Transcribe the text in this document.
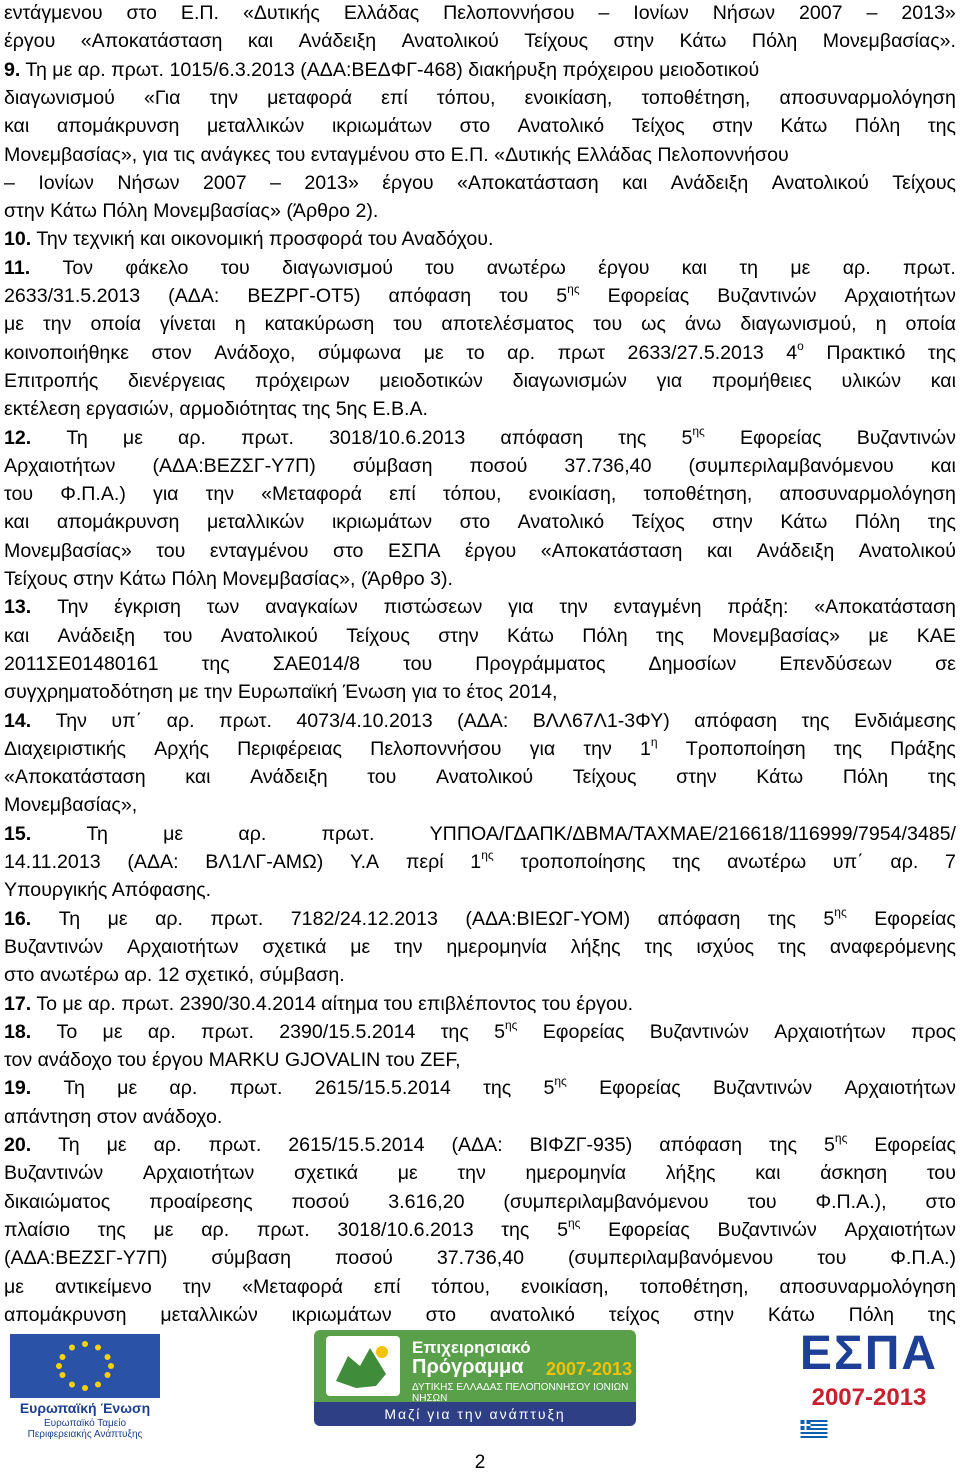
εντάγμενου στο Ε.Π. «Δυτικής Ελλάδας Πελοποννήσου – Ιονίων Νήσων 2007 – 2013»
έργου «Αποκατάσταση και Ανάδειξη Ανατολικού Τείχους στην Κάτω Πόλη Μονεμβασίας».
9. Τη με αρ. πρωτ. 1015/6.3.2013 (ΑΔΑ:ΒΕΔΦΓ-468) διακήρυξη πρόχειρου μειοδοτικού
διαγωνισμού «Για την μεταφορά επί τόπου, ενοικίαση, τοποθέτηση, αποσυναρμολόγηση
και απομάκρυνση μεταλλικών ικριωμάτων στο Ανατολικό Τείχος στην Κάτω Πόλη της
Μονεμβασίας», για τις ανάγκες του ενταγμένου στο Ε.Π. «Δυτικής Ελλάδας Πελοποννήσου
– Ιονίων Νήσων 2007 – 2013» έργου «Αποκατάσταση και Ανάδειξη Ανατολικού Τείχους
στην Κάτω Πόλη Μονεμβασίας» (Άρθρο 2).
10. Την τεχνική και οικονομική προσφορά του Αναδόχου.
11. Τον φάκελο του διαγωνισμού του ανωτέρω έργου και τη με αρ. πρωτ.
2633/31.5.2013 (ΑΔΑ: ΒΕΖΡΓ-ΟΤ5) απόφαση του $5^{\eta\varsigma}$ Εφορείας Βυζαντινών Αρχαιοτήτων
με την οποία γίνεται η κατακύρωση του αποτελέσματος του ως άνω διαγωνισμού, η οποία
κοινοποιήθηκε στον Ανάδοχο, σύμφωνα με το αρ. πρωτ 2633/27.5.2013 $4^o$ Πρακτικό της
Επιτροπής διενέργειας πρόχειρων μειοδοτικών διαγωνισμών για προμήθειες υλικών και
εκτέλεση εργασιών, αρμοδιότητας της 5ης Ε.Β.Α.
12. Τη με αρ. πρωτ. 3018/10.6.2013 απόφαση της $5^{\eta\varsigma}$ Εφορείας Βυζαντινών
Αρχαιοτήτων (ΑΔΑ:ΒΕΖΣΓ-Υ7Π) σύμβαση ποσού 37.736,40 (συμπεριλαμβανόμενου και
του Φ.Π.Α.) για την «Μεταφορά επί τόπου, ενοικίαση, τοποθέτηση, αποσυναρμολόγηση
και απομάκρυνση μεταλλικών ικριωμάτων στο Ανατολικό Τείχος στην Κάτω Πόλη της
Μονεμβασίας» του ενταγμένου στο ΕΣΠΑ έργου «Αποκατάσταση και Ανάδειξη Ανατολικού
Τείχους στην Κάτω Πόλη Μονεμβασίας», (Άρθρο 3).
13. Την έγκριση των αναγκαίων πιστώσεων για την ενταγμένη πράξη: «Αποκατάσταση
και Ανάδειξη του Ανατολικού Τείχους στην Κάτω Πόλη της Μονεμβασίας» με ΚΑΕ
2011ΣΕ01480161 της ΣΑΕ014/8 του Προγράμματος Δημοσίων Επενδύσεων σε
συγχρηματοδότηση με την Ευρωπαϊκή Ένωση για το έτος 2014,
14. Την υπ΄ αρ. πρωτ. 4073/4.10.2013 (ΑΔΑ: ΒΛΛ67Λ1-3ΦΥ) απόφαση της Ενδιάμεσης
Διαχειριστικής Αρχής Περιφέρειας Πελοποννήσου για την $1^\eta$ Τροποποίηση της Πράξης
«Αποκατάσταση και Ανάδειξη του Ανατολικού Τείχους στην Κάτω Πόλη της
Μονεμβασίας»,
15.	Τη	με	αρ.	πρωτ.	ΥΠΠΟΑ/ΓΔΑΠΚ/ΔΒΜΑ/ΤΑΧΜΑΕ/216618/116999/7954/3485/
14.11.2013 (ΑΔΑ: ΒΛ1ΛΓ-ΑΜΩ) Υ.Α περί $1^{\eta\varsigma}$ τροποποίησης της ανωτέρω υπ΄ αρ. 7
Υπουργικής Απόφασης.
16. Τη με αρ. πρωτ. 7182/24.12.2013 (ΑΔΑ:ΒΙΕΩΓ-ΥΟΜ) απόφαση της $5^{\eta\varsigma}$ Εφορείας
Βυζαντινών Αρχαιοτήτων σχετικά με την ημερομηνία λήξης της ισχύος της αναφερόμενης
στο ανωτέρω αρ. 12 σχετικό, σύμβαση.
17. Το με αρ. πρωτ. 2390/30.4.2014 αίτημα του επιβλέποντος του έργου.
18. Το με αρ. πρωτ. 2390/15.5.2014 της $5^{\eta\varsigma}$ Εφορείας Βυζαντινών Αρχαιοτήτων προς
τον ανάδοχο του έργου MARKU GJOVALIN του ZEF,
19. Τη με αρ. πρωτ. 2615/15.5.2014 της $5^{\eta\varsigma}$ Εφορείας Βυζαντινών Αρχαιοτήτων
απάντηση στον ανάδοχο.
20. Τη με αρ. πρωτ. 2615/15.5.2014 (ΑΔΑ: ΒΙΦΖΓ-935) απόφαση της $5^{\eta\varsigma}$ Εφορείας
Βυζαντινών Αρχαιοτήτων σχετικά με την ημερομηνία λήξης και άσκηση του
δικαιώματος προαίρεσης ποσού 3.616,20 (συμπεριλαμβανόμενου του Φ.Π.Α.), στο
πλαίσιο της με αρ. πρωτ. 3018/10.6.2013 της $5^{\eta\varsigma}$ Εφορείας Βυζαντινών Αρχαιοτήτων
(ΑΔΑ:ΒΕΖΣΓ-Υ7Π) σύμβαση ποσού 37.736,40 (συμπεριλαμβανόμενου του Φ.Π.Α.)
με αντικείμενο την «Μεταφορά επί τόπου, ενοικίαση, τοποθέτηση, αποσυναρμολόγηση
απομάκρυνση μεταλλικών ικριωμάτων στο ανατολικό τείχος στην Κάτω Πόλη της
Ευρωπαϊκή Ένωση
Ευρωπαϊκό Ταμείο
Περιφερειακής Ανάπτυξης
Επιχειρησιακό
Πρόγραμμα 2007-2013
ΔΥΤΙΚΗΣ ΕΛΛΑΔΑΣ ΠΕΛΟΠΟΝΝΗΣΟΥ ΙΟΝΙΩΝ ΝΗΣΩΝ
Μαζί για την ανάπτυξη
ΕΣΠΑ
2007-2013
2
